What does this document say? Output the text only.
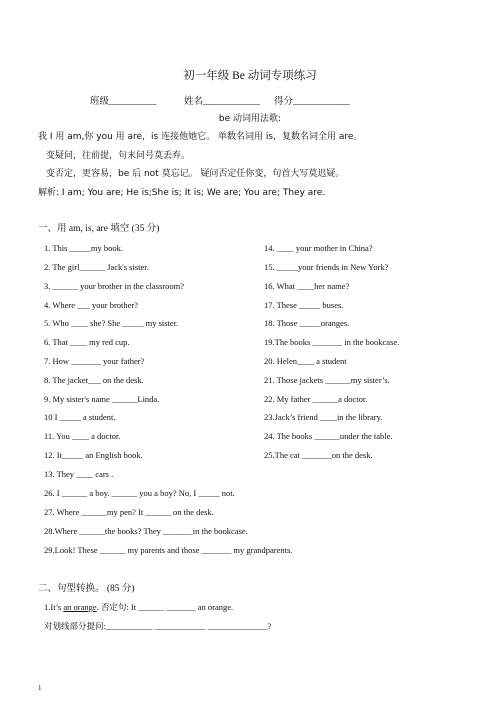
初一年级 Be 动词专项练习
班级__________	姓名____________ 得分____________
be 动词用法歌:
我 I 用 am,你 you 用 are，is 连接他她它。 单数名词用 is，复数名词全用 are。
变疑问，往前提，句末问号莫丢弃。
变否定，更容易，be 后 not 莫忘记。 疑问否定任你变，句首大写莫迟疑。
解析: I am; You are; He is;She is; It is; We are; You are; They are.
一、用 am, is, are 填空 (35 分)
1. This _____my book.
2. The girl______ Jack's sister.
3. ______ your brother in the classroom?
4. Where ___ your brother?
5. Who ____ she? She _____ my sister.
6. That ____ my red cup.
7. How _______ your father?
8. The jacket___ on the desk.
9. My sister's name ______Linda.
10 I _____ a student.
11. You ____ a doctor.
12. It_____ an English book.
13. They ____ cars .
14. ____ your mother in China?
15. _____your friends in New York?
16. What ____her name?
17. These _____ buses.
18. Those _____oranges.
19.The books _______ in the bookcase.
20. Helen____ a student
21. Those jackets ______my sister’s.
22. My father ______a doctor.
23.Jack’s friend ____in the library.
24. The books ______under the table.
25.The cat _______on the desk.
26. I ______ a boy. ______ you a boy? No, I _____ not.
27. Where ______my pen? It ______ on the desk.
28.Where ______the books? They _______in the bookcase.
29.Look! These ______ my parents and those _______ my grandparents.
二、句型转换。 (85 分)
1.It’s an orange. 否定句: It ______ _______ an orange.
对划线部分提问:___________ ____________ ______________?
1
